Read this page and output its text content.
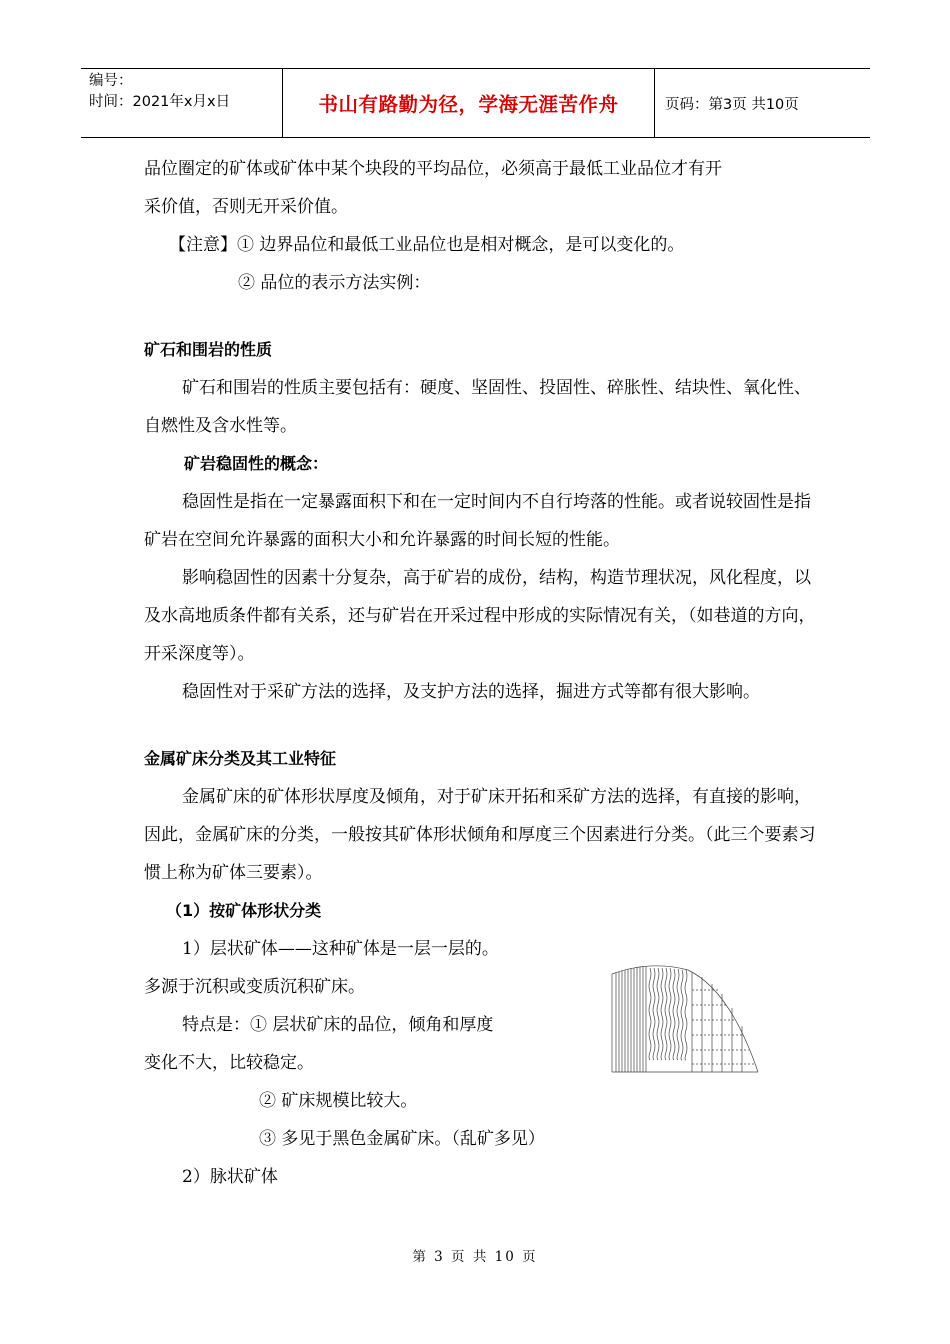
编号：
时间：2021年x月x日	书山有路勤为径，学海无涯苦作舟	页码：第3页 共10页

品位圈定的矿体或矿体中某个块段的平均品位，必须高于最低工业品位才有开

采价值，否则无开采价值。

【注意】① 边界品位和最低工业品位也是相对概念，是可以变化的。

② 品位的表示方法实例：

矿石和围岩的性质

矿石和围岩的性质主要包括有：硬度、坚固性、投固性、碎胀性、结块性、氧化性、自燃性及含水性等。

矿岩稳固性的概念：

稳固性是指在一定暴露面积下和在一定时间内不自行垮落的性能。或者说较固性是指矿岩在空间允许暴露的面积大小和允许暴露的时间长短的性能。

影响稳固性的因素十分复杂，高于矿岩的成份，结构，构造节理状况，风化程度，以及水高地质条件都有关系，还与矿岩在开采过程中形成的实际情况有关，（如巷道的方向，开采深度等）。

稳固性对于采矿方法的选择，及支护方法的选择，掘进方式等都有很大影响。

金属矿床分类及其工业特征

金属矿床的矿体形状厚度及倾角，对于矿床开拓和采矿方法的选择，有直接的影响，因此，金属矿床的分类，一般按其矿体形状倾角和厚度三个因素进行分类。（此三个要素习惯上称为矿体三要素）。

（1）按矿体形状分类

1）层状矿体——这种矿体是一层一层的。

多源于沉积或变质沉积矿床。

特点是：① 层状矿床的品位，倾角和厚度

变化不大，比较稳定。

② 矿床规模比较大。

③ 多见于黑色金属矿床。（乱矿多见）

2）脉状矿体

第 3 页 共 10 页
